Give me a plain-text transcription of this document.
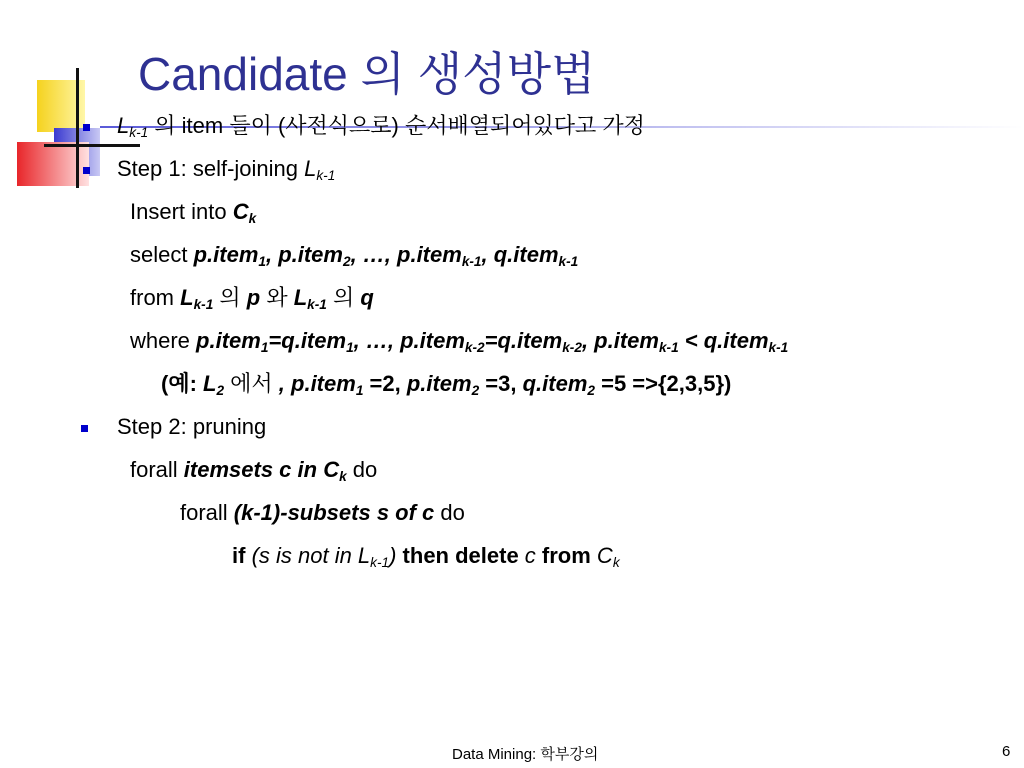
Candidate 의 생성방법
$L_{k-1}$ 의 item 들이 (사전식으로) 순서배열되어있다고 가정
Step 1: self-joining $L_{k-1}$
Insert into $C_k$
select p.item$_1$, p.item$_2$, …, p.item$_{k-1}$, q.item$_{k-1}$
from $L_{k-1}$ 의 p 와 $L_{k-1}$ 의 q
where p.item$_1$=q.item$_1$, …, p.item$_{k-2}$=q.item$_{k-2}$, p.item$_{k-1}$ < q.item$_{k-1}$
(예: $L_2$ 에서 , p.item$_1$ =2, p.item$_2$ =3, q.item$_2$ =5 =>{2,3,5})
Step 2: pruning
forall itemsets c in $C_k$ do
forall (k-1)-subsets s of c do
if (s is not in $L_{k-1}$) then delete c from $C_k$
Data Mining: 학부강의	6
